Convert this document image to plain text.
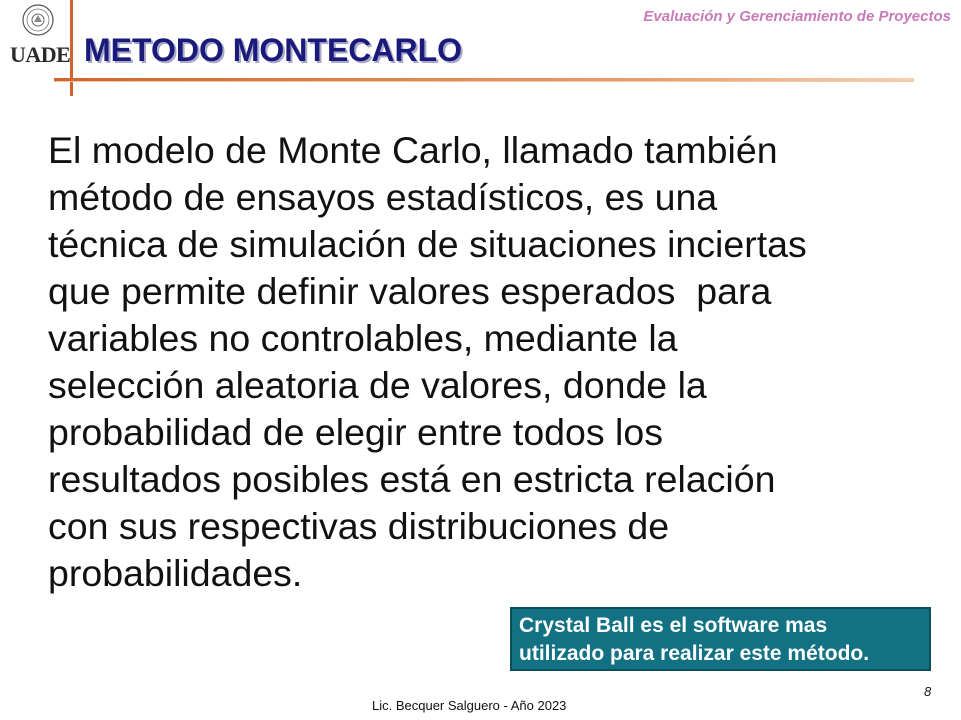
UADE
Evaluación y Gerenciamiento de Proyectos
METODO MONTECARLO
El modelo de Monte Carlo, llamado también
método de ensayos estadísticos, es una
técnica de simulación de situaciones inciertas
que permite definir valores esperados  para
variables no controlables, mediante la
selección aleatoria de valores, donde la
probabilidad de elegir entre todos los
resultados posibles está en estricta relación
con sus respectivas distribuciones de
probabilidades.
Crystal Ball es el software mas
utilizado para realizar este método.
Lic. Becquer Salguero - Año 2023
8
